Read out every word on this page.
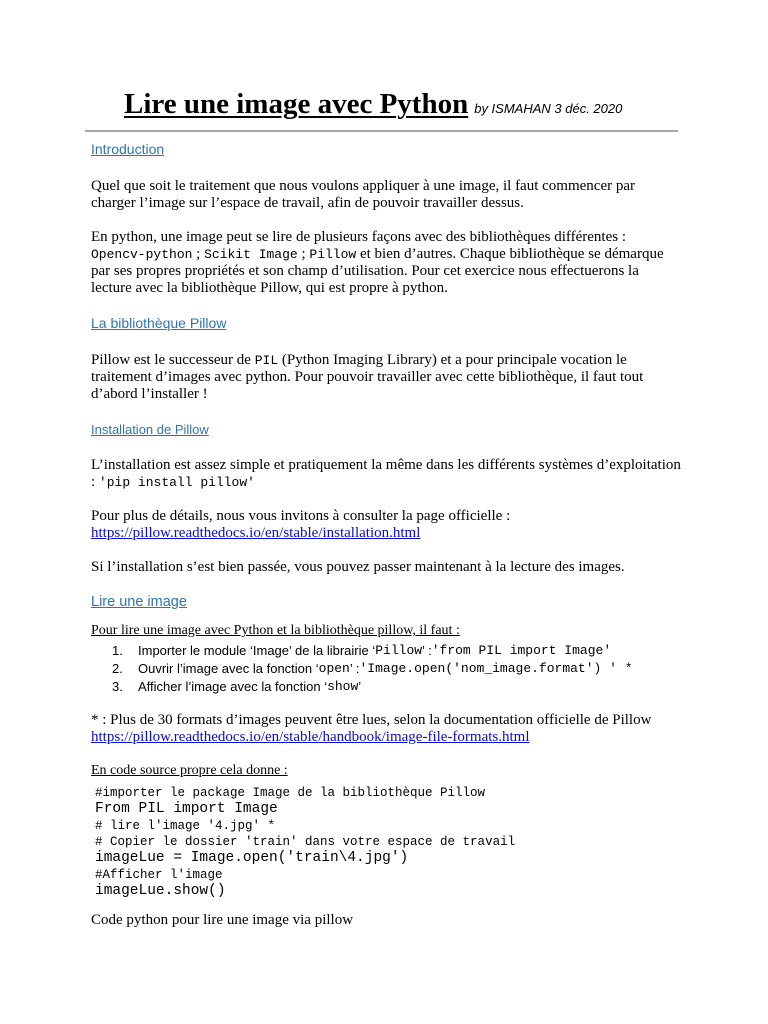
Lire une image avec Python by ISMAHAN 3 déc. 2020
Introduction
Quel que soit le traitement que nous voulons appliquer à une image, il faut commencer par charger l’image sur l’espace de travail, afin de pouvoir travailler dessus.
En python, une image peut se lire de plusieurs façons avec des bibliothèques différentes :
Opencv-python ; Scikit Image ; Pillow et bien d’autres. Chaque bibliothèque se démarque par ses propres propriétés et son champ d’utilisation. Pour cet exercice nous effectuerons la lecture avec la bibliothèque Pillow, qui est propre à python.
La bibliothèque Pillow
Pillow est le successeur de PIL (Python Imaging Library) et a pour principale vocation le traitement d’images avec python. Pour pouvoir travailler avec cette bibliothèque, il faut tout d’abord l’installer !
Installation de Pillow
L’installation est assez simple et pratiquement la même dans les différents systèmes d’exploitation : 'pip install pillow'
Pour plus de détails, nous vous invitons à consulter la page officielle :
https://pillow.readthedocs.io/en/stable/installation.html
Si l’installation s’est bien passée, vous pouvez passer maintenant à la lecture des images.
Lire une image
Pour lire une image avec Python et la bibliothèque pillow, il faut :
1.	Importer le module ‘Image’ de la librairie ‘ Pillow ’ : 'from PIL import Image'
2.	Ouvrir l’image avec la fonction ‘ open ’ : 'Image.open('nom_image.format') ' *
3.	Afficher l’image avec la fonction ‘ show ’
* : Plus de 30 formats d’images peuvent être lues, selon la documentation officielle de Pillow
https://pillow.readthedocs.io/en/stable/handbook/image-file-formats.html
En code source propre cela donne :
#importer le package Image de la bibliothèque Pillow
From PIL import Image
# lire l'image '4.jpg' *
# Copier le dossier 'train' dans votre espace de travail
imageLue = Image.open('train\4.jpg')
#Afficher l'image
imageLue.show()
Code python pour lire une image via pillow
